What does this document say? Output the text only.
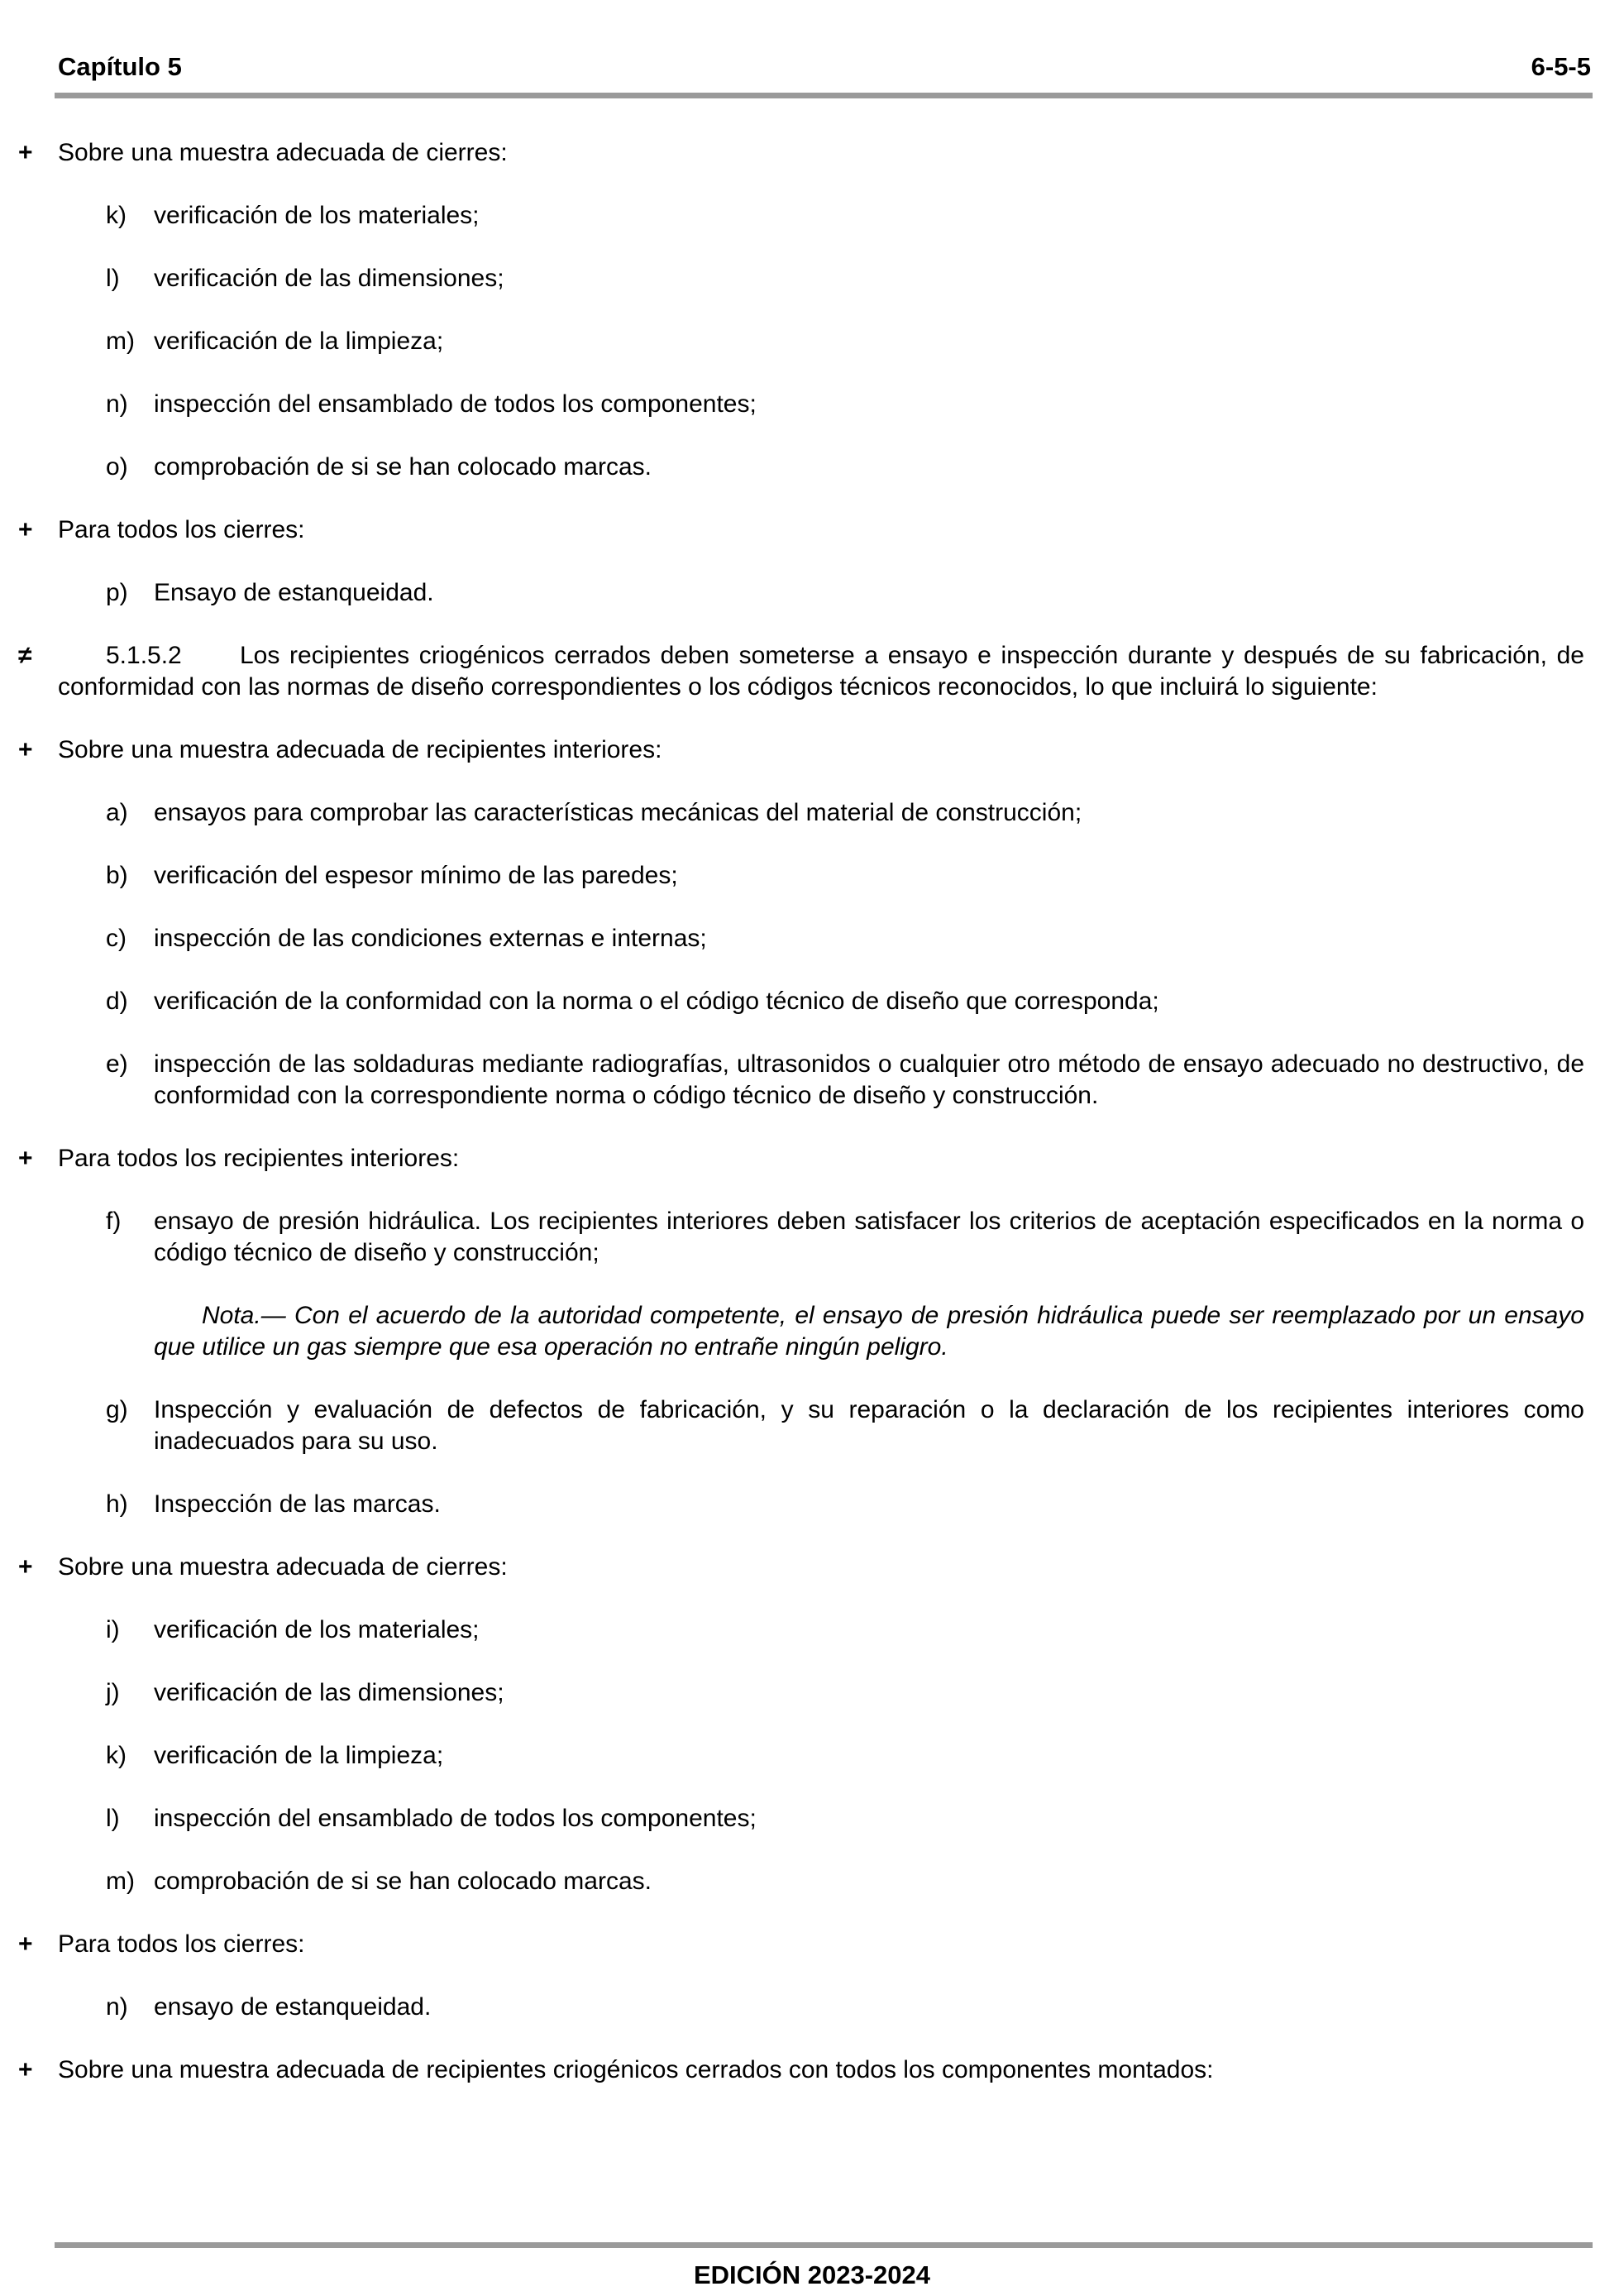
Capítulo 5	6-5-5
+	Sobre una muestra adecuada de cierres:
k) verificación de los materiales;
l) verificación de las dimensiones;
m) verificación de la limpieza;
n) inspección del ensamblado de todos los componentes;
o) comprobación de si se han colocado marcas.
+	Para todos los cierres:
p) Ensayo de estanqueidad.
≠	5.1.5.2 Los recipientes criogénicos cerrados deben someterse a ensayo e inspección durante y después de su fabricación, de conformidad con las normas de diseño correspondientes o los códigos técnicos reconocidos, lo que incluirá lo siguiente:
+	Sobre una muestra adecuada de recipientes interiores:
a) ensayos para comprobar las características mecánicas del material de construcción;
b) verificación del espesor mínimo de las paredes;
c) inspección de las condiciones externas e internas;
d) verificación de la conformidad con la norma o el código técnico de diseño que corresponda;
e) inspección de las soldaduras mediante radiografías, ultrasonidos o cualquier otro método de ensayo adecuado no destructivo, de conformidad con la correspondiente norma o código técnico de diseño y construcción.
+	Para todos los recipientes interiores:
f) ensayo de presión hidráulica. Los recipientes interiores deben satisfacer los criterios de aceptación especificados en la norma o código técnico de diseño y construcción;
Nota.— Con el acuerdo de la autoridad competente, el ensayo de presión hidráulica puede ser reemplazado por un ensayo que utilice un gas siempre que esa operación no entrañe ningún peligro.
g) Inspección y evaluación de defectos de fabricación, y su reparación o la declaración de los recipientes interiores como inadecuados para su uso.
h) Inspección de las marcas.
+	Sobre una muestra adecuada de cierres:
i) verificación de los materiales;
j) verificación de las dimensiones;
k) verificación de la limpieza;
l) inspección del ensamblado de todos los componentes;
m) comprobación de si se han colocado marcas.
+	Para todos los cierres:
n) ensayo de estanqueidad.
+	Sobre una muestra adecuada de recipientes criogénicos cerrados con todos los componentes montados:
EDICIÓN 2023-2024
